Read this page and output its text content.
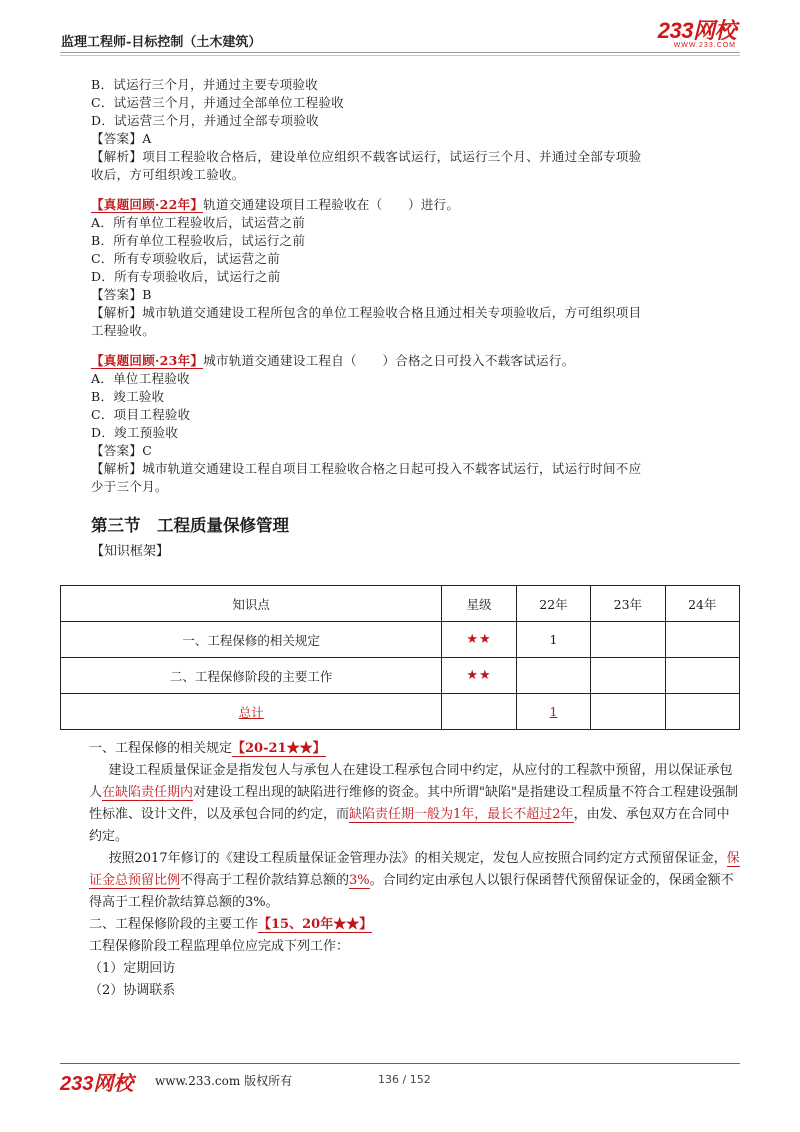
监理工程师-目标控制（土木建筑）	233网校
WWW.233.COM

B．试运行三个月，并通过主要专项验收

C．试运营三个月，并通过全部单位工程验收

D．试运营三个月，并通过全部专项验收

【答案】A

【解析】项目工程验收合格后，建设单位应组织不载客试运行，试运行三个月、并通过全部专项验
收后，方可组织竣工验收。

【真题回顾·22年】轨道交通建设项目工程验收在（　　）进行。

A．所有单位工程验收后，试运营之前

B．所有单位工程验收后，试运行之前

C．所有专项验收后，试运营之前

D．所有专项验收后，试运行之前

【答案】B

【解析】城市轨道交通建设工程所包含的单位工程验收合格且通过相关专项验收后，方可组织项目
工程验收。

【真题回顾·23年】城市轨道交通建设工程自（　　）合格之日可投入不载客试运行。

A．单位工程验收

B．竣工验收

C．项目工程验收

D．竣工预验收

【答案】C

【解析】城市轨道交通建设工程自项目工程验收合格之日起可投入不载客试运行，试运行时间不应
少于三个月。

第三节　工程质量保修管理
【知识框架】
知识点	星级	22年	23年	24年
一、工程保修的相关规定	★★	1		
二、工程保修阶段的主要工作	★★			
总计		1		

一、工程保修的相关规定【20-21★★】

  建设工程质量保证金是指发包人与承包人在建设工程承包合同中约定，从应付的工程款中预留，用以保证承包人在缺陷责任期内对建设工程出现的缺陷进行维修的资金。其中所谓"缺陷"是指建设工程质量不符合工程建设强制性标准、设计文件，以及承包合同的约定，而缺陷责任期一般为1年，最长不超过2年，由发、承包双方在合同中约定。

  按照2017年修订的《建设工程质量保证金管理办法》的相关规定，发包人应按照合同约定方式预留保证金，保证金总预留比例不得高于工程价款结算总额的3%。合同约定由承包人以银行保函替代预留保证金的，保函金额不得高于工程价款结算总额的3%。

二、工程保修阶段的主要工作【15、20年★★】

工程保修阶段工程监理单位应完成下列工作：

（1）定期回访

（2）协调联系

233网校 www.233.com 版权所有	136 / 152
